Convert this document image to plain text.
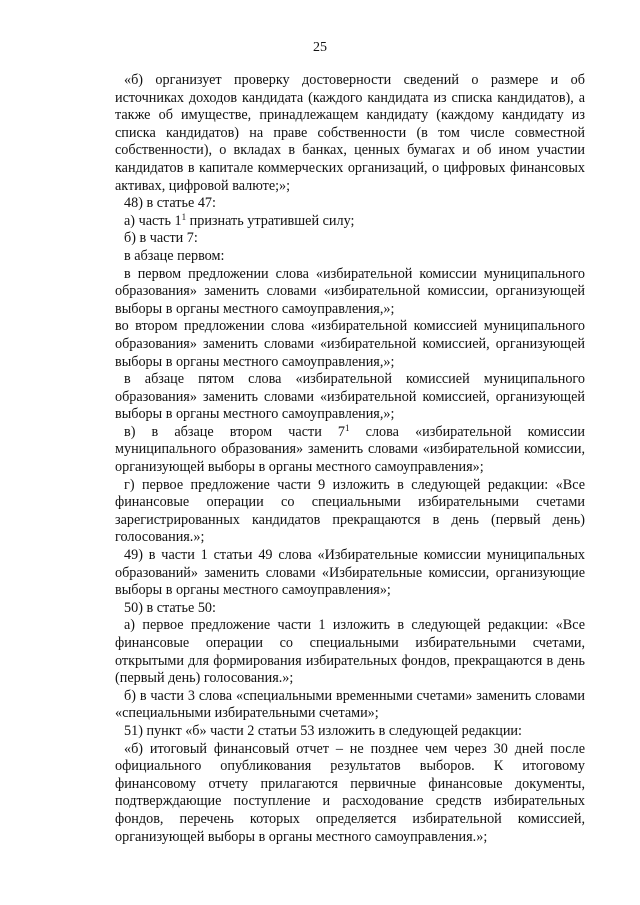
25

«б) организует проверку достоверности сведений о размере и об источниках доходов кандидата (каждого кандидата из списка кандидатов), а также об имуществе, принадлежащем кандидату (каждому кандидату из списка кандидатов) на праве собственности (в том числе совместной собственности), о вкладах в банках, ценных бумагах и об ином участии кандидатов в капитале коммерческих организаций, о цифровых финансовых активах, цифровой валюте;»;

48) в статье 47:

а) часть $1^1$ признать утратившей силу;

б) в части 7:

в абзаце первом:

в первом предложении слова «избирательной комиссии муниципального образования» заменить словами «избирательной комиссии, организующей выборы в органы местного самоуправления,»;

во втором предложении слова «избирательной комиссией муниципального образования» заменить словами «избирательной комиссией, организующей выборы в органы местного самоуправления,»;

в абзаце пятом слова «избирательной комиссией муниципального образования» заменить словами «избирательной комиссией, организующей выборы в органы местного самоуправления,»;

в) в абзаце втором части $7^1$ слова «избирательной комиссии муниципального образования» заменить словами «избирательной комиссии, организующей выборы в органы местного самоуправления»;

г) первое предложение части 9 изложить в следующей редакции: «Все финансовые операции со специальными избирательными счетами зарегистрированных кандидатов прекращаются в день (первый день) голосования.»;

49) в части 1 статьи 49 слова «Избирательные комиссии муниципальных образований» заменить словами «Избирательные комиссии, организующие выборы в органы местного самоуправления»;

50) в статье 50:

а) первое предложение части 1 изложить в следующей редакции: «Все финансовые операции со специальными избирательными счетами, открытыми для формирования избирательных фондов, прекращаются в день (первый день) голосования.»;

б) в части 3 слова «специальными временными счетами» заменить словами «специальными избирательными счетами»;

51) пункт «б» части 2 статьи 53 изложить в следующей редакции:

«б) итоговый финансовый отчет – не позднее чем через 30 дней после официального опубликования результатов выборов. К итоговому финансовому отчету прилагаются первичные финансовые документы, подтверждающие поступление и расходование средств избирательных фондов, перечень которых определяется избирательной комиссией, организующей выборы в органы местного самоуправления.»;
